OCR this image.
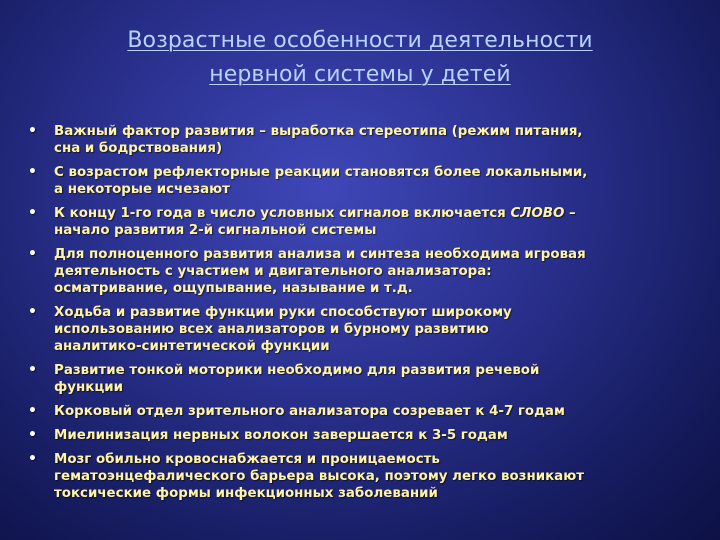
Возрастные особенности деятельности
нервной системы у детей
• Важный фактор развития – выработка стереотипа (режим питания,
сна и бодрствования)
• С возрастом рефлекторные реакции становятся более локальными,
а некоторые исчезают
• К концу 1-го года в число условных сигналов включается СЛОВО –
начало развития 2-й сигнальной системы
• Для полноценного развития анализа и синтеза необходима игровая
деятельность с участием и двигательного анализатора:
осматривание, ощупывание, называние и т.д.
• Ходьба и развитие функции руки способствуют широкому
использованию всех анализаторов и бурному развитию
аналитико-синтетической функции
• Развитие тонкой моторики необходимо для развития речевой
функции
• Корковый отдел зрительного анализатора созревает к 4-7 годам
• Миелинизация нервных волокон завершается к 3-5 годам
• Мозг обильно кровоснабжается и проницаемость
гематоэнцефалического барьера высока, поэтому легко возникают
токсические формы инфекционных заболеваний
